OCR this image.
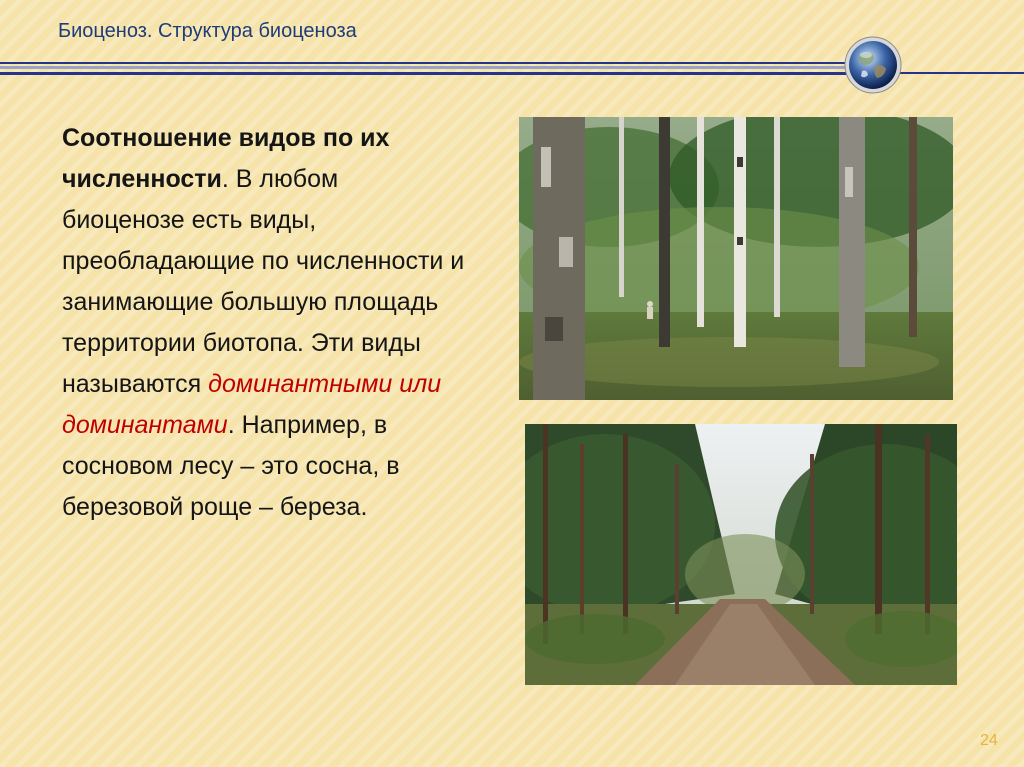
Биоценоз. Структура биоценоза

Соотношение видов по их численности. В любом биоценозе есть виды, преобладающие по численности и занимающие большую площадь территории биотопа. Эти виды называются доминантными или доминантами. Например, в сосновом лесу – это сосна, в березовой роще – береза.

24
